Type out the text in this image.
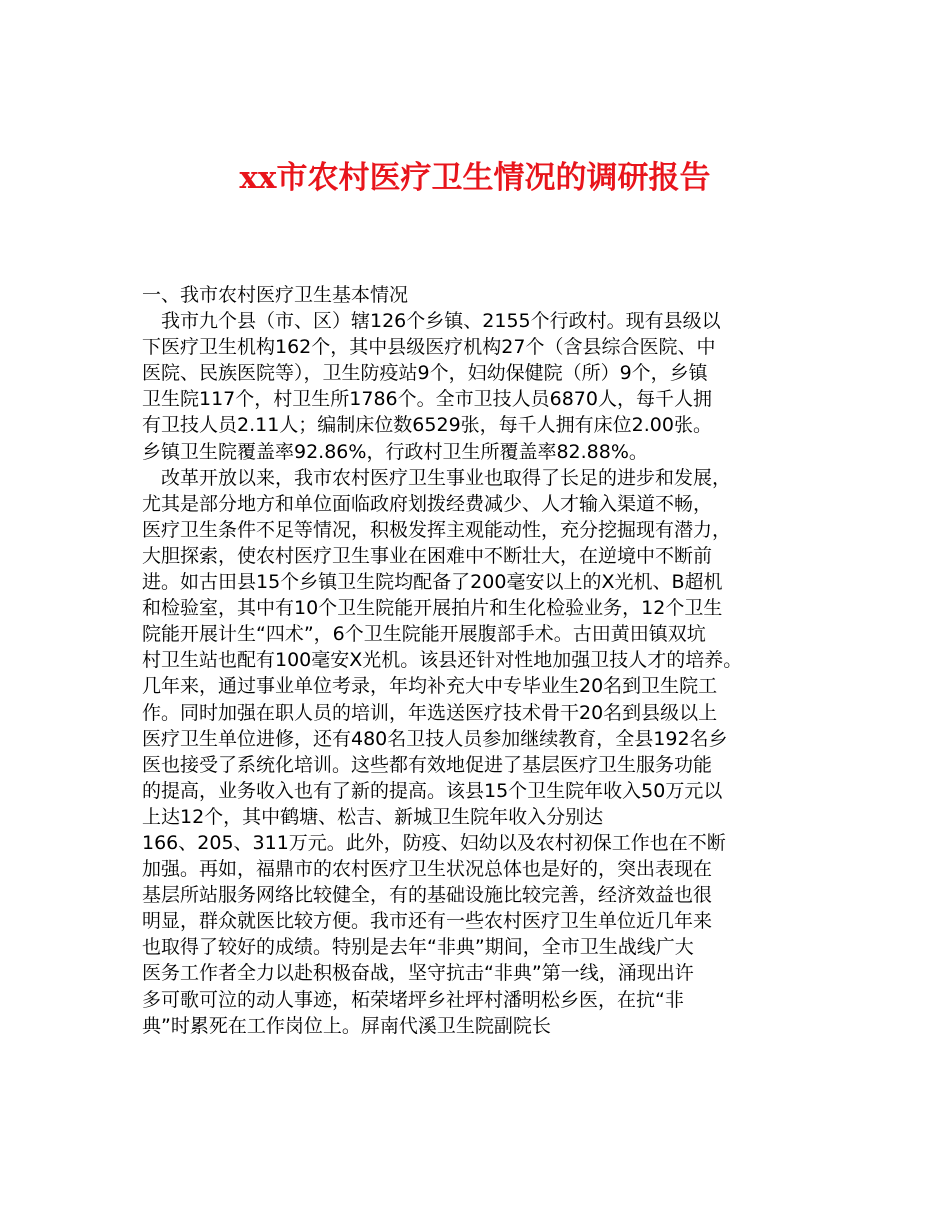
xx市农村医疗卫生情况的调研报告
一、我市农村医疗卫生基本情况
　我市九个县（市、区）辖126个乡镇、2155个行政村。现有县级以
下医疗卫生机构162个，其中县级医疗机构27个（含县综合医院、中
医院、民族医院等），卫生防疫站9个，妇幼保健院（所）9个，乡镇
卫生院117个，村卫生所1786个。全市卫技人员6870人，每千人拥
有卫技人员2.11人；编制床位数6529张，每千人拥有床位2.00张。
乡镇卫生院覆盖率92.86%，行政村卫生所覆盖率82.88%。
　改革开放以来，我市农村医疗卫生事业也取得了长足的进步和发展，
尤其是部分地方和单位面临政府划拨经费减少、人才输入渠道不畅，
医疗卫生条件不足等情况，积极发挥主观能动性，充分挖掘现有潜力，
大胆探索，使农村医疗卫生事业在困难中不断壮大，在逆境中不断前
进。如古田县15个乡镇卫生院均配备了200毫安以上的X光机、B超机
和检验室，其中有10个卫生院能开展拍片和生化检验业务，12个卫生
院能开展计生“四术”，6个卫生院能开展腹部手术。古田黄田镇双坑
村卫生站也配有100毫安X光机。该县还针对性地加强卫技人才的培养。
几年来，通过事业单位考录，年均补充大中专毕业生20名到卫生院工
作。同时加强在职人员的培训，年选送医疗技术骨干20名到县级以上
医疗卫生单位进修，还有480名卫技人员参加继续教育，全县192名乡
医也接受了系统化培训。这些都有效地促进了基层医疗卫生服务功能
的提高，业务收入也有了新的提高。该县15个卫生院年收入50万元以
上达12个，其中鹤塘、松吉、新城卫生院年收入分别达
166、205、311万元。此外，防疫、妇幼以及农村初保工作也在不断
加强。再如，福鼎市的农村医疗卫生状况总体也是好的，突出表现在
基层所站服务网络比较健全，有的基础设施比较完善，经济效益也很
明显，群众就医比较方便。我市还有一些农村医疗卫生单位近几年来
也取得了较好的成绩。特别是去年“非典”期间，全市卫生战线广大
医务工作者全力以赴积极奋战，坚守抗击“非典”第一线，涌现出许
多可歌可泣的动人事迹，柘荣堵坪乡社坪村潘明松乡医，在抗“非
典”时累死在工作岗位上。屏南代溪卫生院副院长
